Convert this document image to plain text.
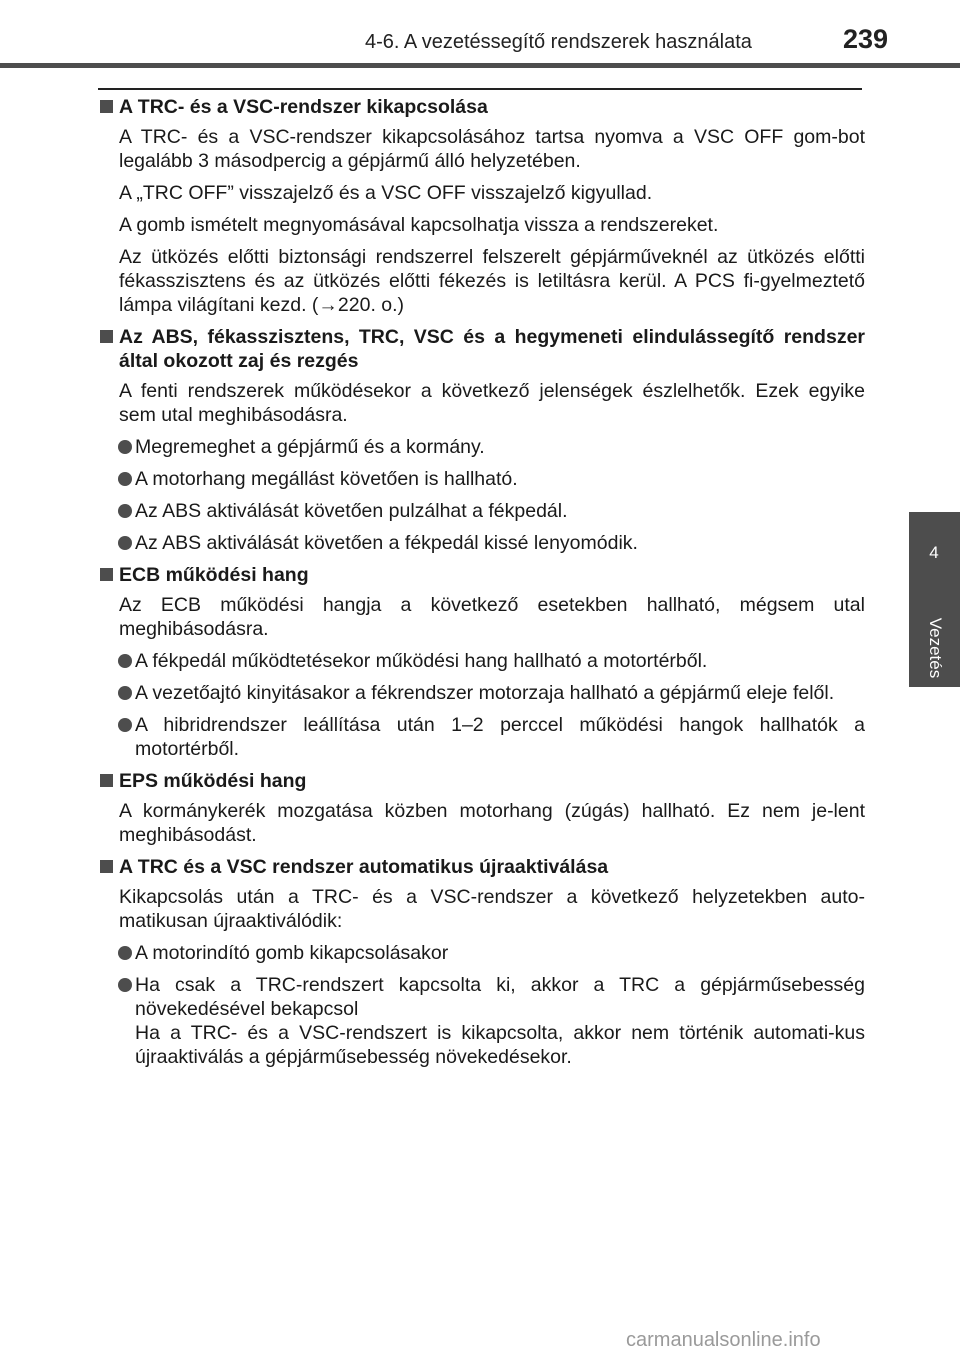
4-6. A vezetéssegítő rendszerek használata	239
4
Vezetés
A TRC- és a VSC-rendszer kikapcsolása
A TRC- és a VSC-rendszer kikapcsolásához tartsa nyomva a VSC OFF gom-bot legalább 3 másodpercig a gépjármű álló helyzetében.
A „TRC OFF” visszajelző és a VSC OFF visszajelző kigyullad.
A gomb ismételt megnyomásával kapcsolhatja vissza a rendszereket.
Az ütközés előtti biztonsági rendszerrel felszerelt gépjárműveknél az ütközés előtti fékasszisztens és az ütközés előtti fékezés is letiltásra kerül. A PCS fi-gyelmeztető lámpa világítani kezd. (→220. o.)
Az ABS, fékasszisztens, TRC, VSC és a hegymeneti elindulássegítő rendszer által okozott zaj és rezgés
A fenti rendszerek működésekor a következő jelenségek észlelhetők. Ezek egyike sem utal meghibásodásra.
Megremeghet a gépjármű és a kormány.
A motorhang megállást követően is hallható.
Az ABS aktiválását követően pulzálhat a fékpedál.
Az ABS aktiválását követően a fékpedál kissé lenyomódik.
ECB működési hang
Az ECB működési hangja a következő esetekben hallható, mégsem utal meghibásodásra.
A fékpedál működtetésekor működési hang hallható a motortérből.
A vezetőajtó kinyitásakor a fékrendszer motorzaja hallható a gépjármű eleje felől.
A hibridrendszer leállítása után 1–2 perccel működési hangok hallhatók a motortérből.
EPS működési hang
A kormánykerék mozgatása közben motorhang (zúgás) hallható. Ez nem je-lent meghibásodást.
A TRC és a VSC rendszer automatikus újraaktiválása
Kikapcsolás után a TRC- és a VSC-rendszer a következő helyzetekben auto-matikusan újraaktiválódik:
A motorindító gomb kikapcsolásakor
Ha csak a TRC-rendszert kapcsolta ki, akkor a TRC a gépjárműsebesség növekedésével bekapcsol
Ha a TRC- és a VSC-rendszert is kikapcsolta, akkor nem történik automati-kus újraaktiválás a gépjárműsebesség növekedésekor.
carmanualsonline.info
